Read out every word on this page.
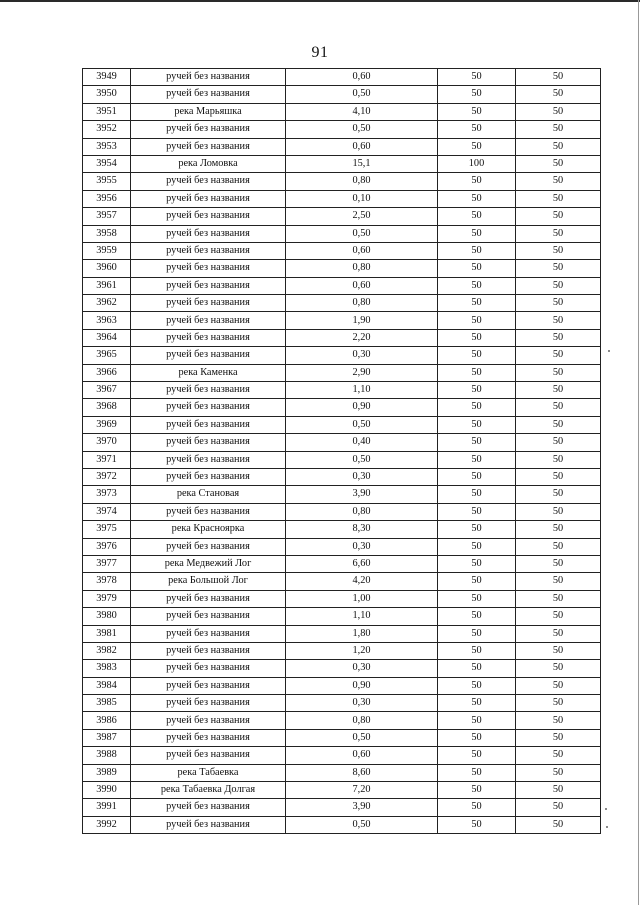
91
3949	ручей без названия	0,60	50	50
3950	ручей без названия	0,50	50	50
3951	река Марьяшка	4,10	50	50
3952	ручей без названия	0,50	50	50
3953	ручей без названия	0,60	50	50
3954	река Ломовка	15,1	100	50
3955	ручей без названия	0,80	50	50
3956	ручей без названия	0,10	50	50
3957	ручей без названия	2,50	50	50
3958	ручей без названия	0,50	50	50
3959	ручей без названия	0,60	50	50
3960	ручей без названия	0,80	50	50
3961	ручей без названия	0,60	50	50
3962	ручей без названия	0,80	50	50
3963	ручей без названия	1,90	50	50
3964	ручей без названия	2,20	50	50
3965	ручей без названия	0,30	50	50
3966	река Каменка	2,90	50	50
3967	ручей без названия	1,10	50	50
3968	ручей без названия	0,90	50	50
3969	ручей без названия	0,50	50	50
3970	ручей без названия	0,40	50	50
3971	ручей без названия	0,50	50	50
3972	ручей без названия	0,30	50	50
3973	река Становая	3,90	50	50
3974	ручей без названия	0,80	50	50
3975	река Красноярка	8,30	50	50
3976	ручей без названия	0,30	50	50
3977	река Медвежий Лог	6,60	50	50
3978	река Большой Лог	4,20	50	50
3979	ручей без названия	1,00	50	50
3980	ручей без названия	1,10	50	50
3981	ручей без названия	1,80	50	50
3982	ручей без названия	1,20	50	50
3983	ручей без названия	0,30	50	50
3984	ручей без названия	0,90	50	50
3985	ручей без названия	0,30	50	50
3986	ручей без названия	0,80	50	50
3987	ручей без названия	0,50	50	50
3988	ручей без названия	0,60	50	50
3989	река Табаевка	8,60	50	50
3990	река Табаевка Долгая	7,20	50	50
3991	ручей без названия	3,90	50	50
3992	ручей без названия	0,50	50	50
